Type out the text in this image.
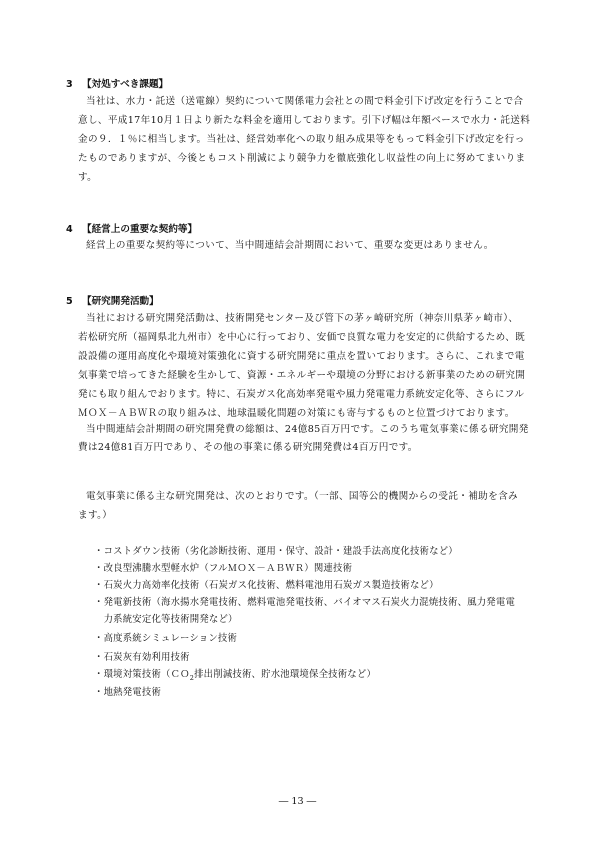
3 【対処すべき課題】
当社は、水力・託送（送電線）契約について関係電力会社との間で料金引下げ改定を行うことで合
意し、平成17年10月１日より新たな料金を適用しております。引下げ幅は年額ベースで水力・託送料
金の９．１％に相当します。当社は、経営効率化への取り組み成果等をもって料金引下げ改定を行っ
たものでありますが、今後ともコスト削減により競争力を徹底強化し収益性の向上に努めてまいりま
す。
4 【経営上の重要な契約等】
経営上の重要な契約等について、当中間連結会計期間において、重要な変更はありません。
5 【研究開発活動】
当社における研究開発活動は、技術開発センター及び管下の茅ヶ崎研究所（神奈川県茅ヶ崎市）、
若松研究所（福岡県北九州市）を中心に行っており、安価で良質な電力を安定的に供給するため、既
設設備の運用高度化や環境対策強化に資する研究開発に重点を置いております。さらに、これまで電
気事業で培ってきた経験を生かして、資源・エネルギーや環境の分野における新事業のための研究開
発にも取り組んでおります。特に、石炭ガス化高効率発電や風力発電電力系統安定化等、さらにフル
ＭＯＸ－ＡＢＷＲの取り組みは、地球温暖化問題の対策にも寄与するものと位置づけております。
当中間連結会計期間の研究開発費の総額は、24億85百万円です。このうち電気事業に係る研究開発
費は24億81百万円であり、その他の事業に係る研究開発費は4百万円です。
電気事業に係る主な研究開発は、次のとおりです。（一部、国等公的機関からの受託・補助を含み
ます。）
・コストダウン技術（劣化診断技術、運用・保守、設計・建設手法高度化技術など）
・改良型沸騰水型軽水炉（フルＭＯＸ－ＡＢＷＲ）関連技術
・石炭火力高効率化技術（石炭ガス化技術、燃料電池用石炭ガス製造技術など）
・発電新技術（海水揚水発電技術、燃料電池発電技術、バイオマス石炭火力混焼技術、風力発電電
　力系統安定化等技術開発など）
・高度系統シミュレーション技術
・石炭灰有効利用技術
・環境対策技術（ＣＯ$_2$排出削減技術、貯水池環境保全技術など）
・地熱発電技術
― 13 ―
